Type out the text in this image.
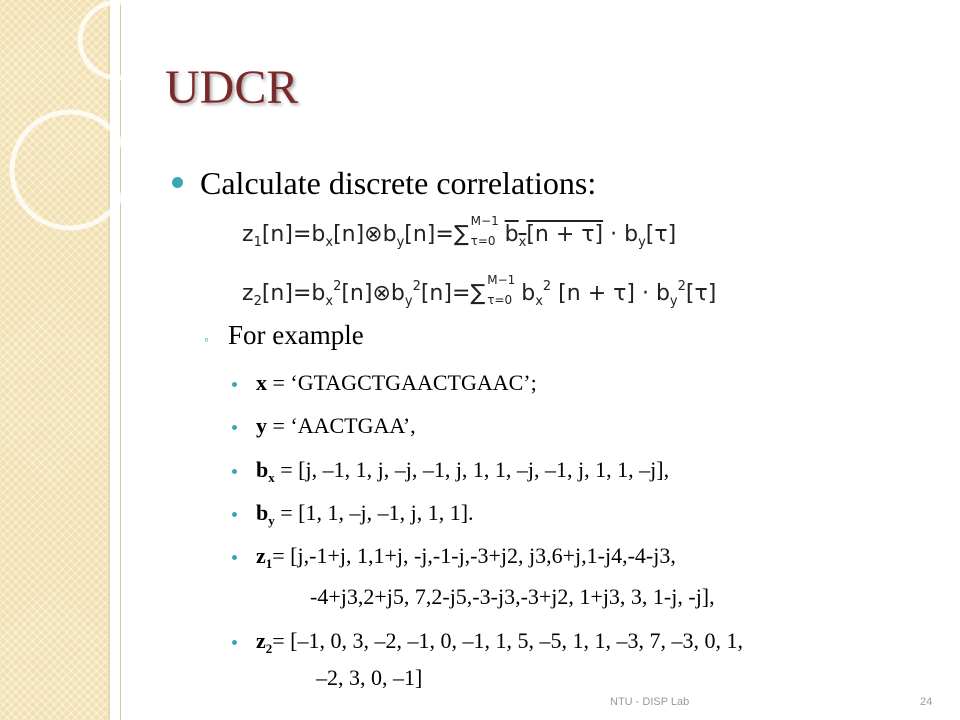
UDCR
Calculate discrete correlations:
$z_1[n]=b_x[n]\otimes b_y[n]=\sum$
M−1
τ=0 $b_x[n + \tau] \cdot b_y[\tau]$
$z_2[n]=b_x^2[n]\otimes b_y^2[n]=\sum$
M−1
τ=0 $b_x^2$ $[n + \tau] \cdot b_y^2[\tau]$
◦ For example
x = ‘GTAGCTGAACTGAAC’;
y = ‘AACTGAA’,
$b_x = [j$, –1, 1, j, –j, –1, j, 1, 1, –j, –1, j, 1, 1, –j],
$b_y = [1$, 1, –j, –1, j, 1, 1].
$z_1= [j,-1+j$, 1,1+j, -j,-1-j,-3+j2, j3,6+j,1-j4,-4-j3,
-4+j3,2+j5, 7,2-j5,-3-j3,-3+j2, 1+j3, 3, 1-j, -j],
$z_2= [-1$, 0, 3, –2, –1, 0, –1, 1, 5, –5, 1, 1, –3, 7, –3, 0, 1,
–2, 3, 0, –1]
NTU - DISP Lab	24
